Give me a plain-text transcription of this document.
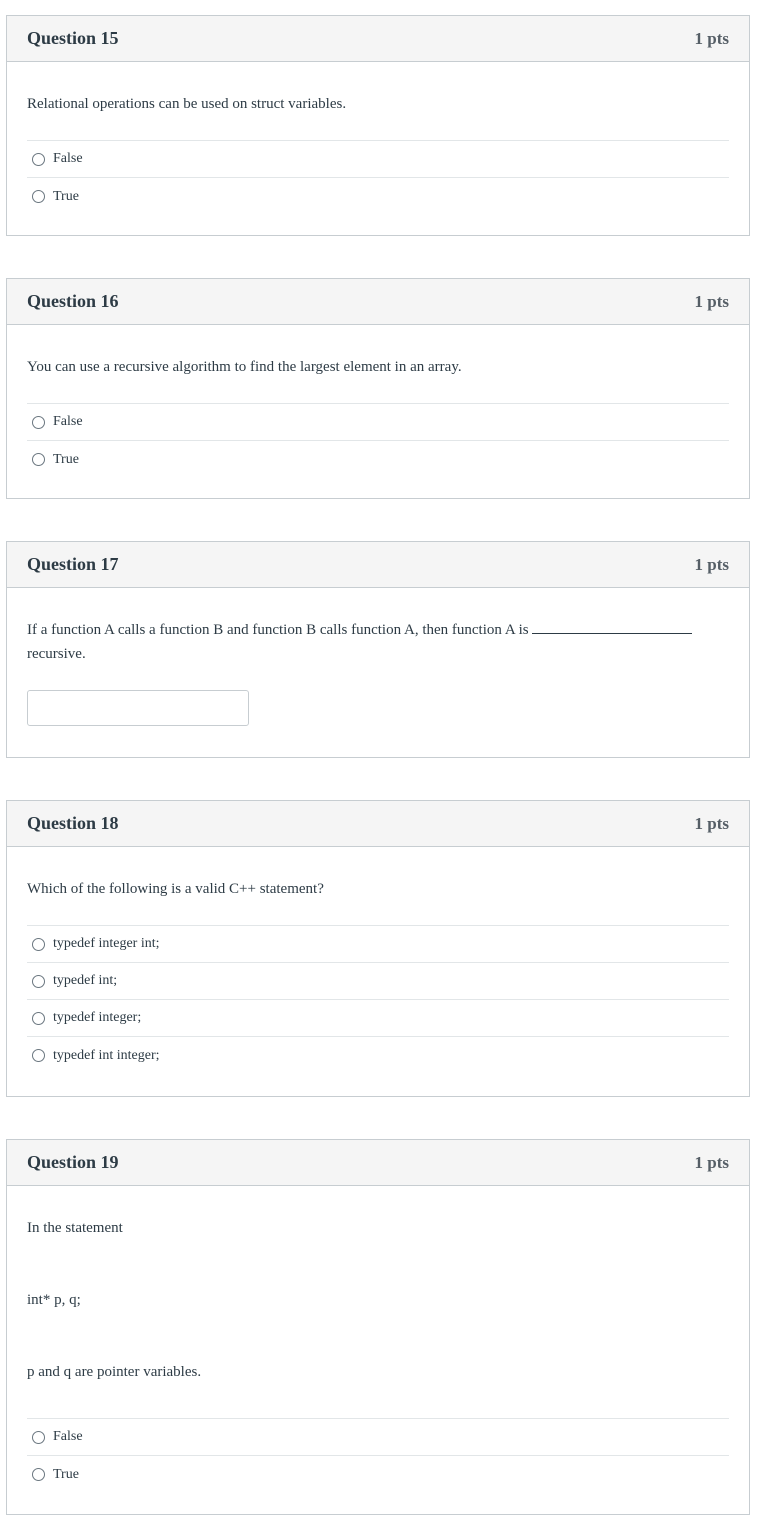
Question 15	1 pts
Relational operations can be used on struct variables.
False
True
Question 16	1 pts
You can use a recursive algorithm to find the largest element in an array.
False
True
Question 17	1 pts
If a function A calls a function B and function B calls function A, then function A is
recursive.
Question 18	1 pts
Which of the following is a valid C++ statement?
typedef integer int;
typedef int;
typedef integer;
typedef int integer;
Question 19	1 pts
In the statement
int* p, q;
p and q are pointer variables.
False
True
